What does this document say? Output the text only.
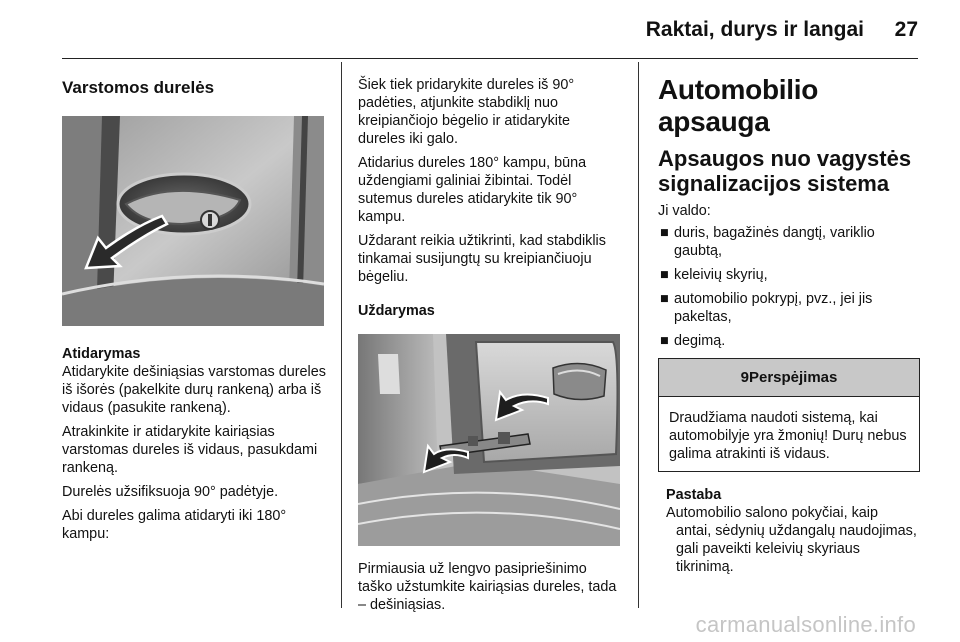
Raktai, durys ir langai 27
Varstomos durelės
Atidarymas

Atidarykite dešiniąsias varstomas dureles iš išorės (pakelkite durų rankeną) arba iš vidaus (pasukite rankeną).

Atrakinkite ir atidarykite kairiąsias varstomas dureles iš vidaus, pasukdami rankeną.

Durelės užsifiksuoja 90° padėtyje.

Abi dureles galima atidaryti iki 180° kampu:

Šiek tiek pridarykite dureles iš 90° padėties, atjunkite stabdiklį nuo kreipiančiojo bėgelio ir atidarykite dureles iki galo.

Atidarius dureles 180° kampu, būna uždengiami galiniai žibintai. Todėl sutemus dureles atidarykite tik 90° kampu.

Uždarant reikia užtikrinti, kad stabdiklis tinkamai susijungtų su kreipiančiuoju bėgeliu.

Uždarymas

Pirmiausia už lengvo pasipriešinimo taško užstumkite kairiąsias dureles, tada – dešiniąsias.

Automobilio apsauga
Apsaugos nuo vagystės signalizacijos sistema

Ji valdo:

■ duris, bagažinės dangtį, variklio gaubtą,
■ keleivių skyrių,
■ automobilio pokrypį, pvz., jei jis pakeltas,
■ degimą.
9 Perspėjimas
Draudžiama naudoti sistemą, kai automobilyje yra žmonių! Durų nebus galima atrakinti iš vidaus.
Pastaba
Automobilio salono pokyčiai, kaip
antai, sėdynių uždangalų naudojimas, gali paveikti keleivių skyriaus tikrinimą.
carmanualsonline.info
